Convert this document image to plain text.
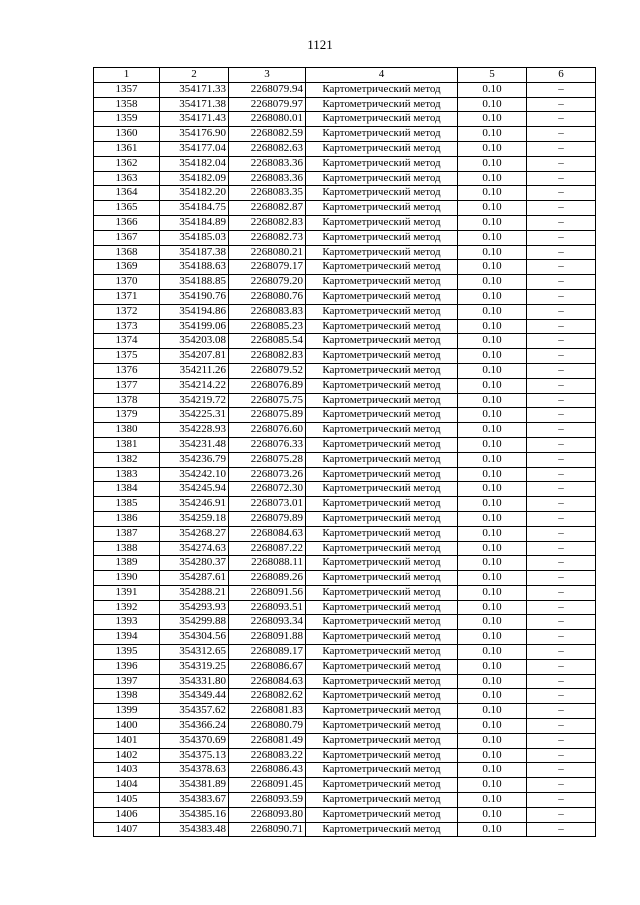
1121
1	2	3	4	5	6
1357	354171.33	2268079.94	Картометрический метод	0.10	–
1358	354171.38	2268079.97	Картометрический метод	0.10	–
1359	354171.43	2268080.01	Картометрический метод	0.10	–
1360	354176.90	2268082.59	Картометрический метод	0.10	–
1361	354177.04	2268082.63	Картометрический метод	0.10	–
1362	354182.04	2268083.36	Картометрический метод	0.10	–
1363	354182.09	2268083.36	Картометрический метод	0.10	–
1364	354182.20	2268083.35	Картометрический метод	0.10	–
1365	354184.75	2268082.87	Картометрический метод	0.10	–
1366	354184.89	2268082.83	Картометрический метод	0.10	–
1367	354185.03	2268082.73	Картометрический метод	0.10	–
1368	354187.38	2268080.21	Картометрический метод	0.10	–
1369	354188.63	2268079.17	Картометрический метод	0.10	–
1370	354188.85	2268079.20	Картометрический метод	0.10	–
1371	354190.76	2268080.76	Картометрический метод	0.10	–
1372	354194.86	2268083.83	Картометрический метод	0.10	–
1373	354199.06	2268085.23	Картометрический метод	0.10	–
1374	354203.08	2268085.54	Картометрический метод	0.10	–
1375	354207.81	2268082.83	Картометрический метод	0.10	–
1376	354211.26	2268079.52	Картометрический метод	0.10	–
1377	354214.22	2268076.89	Картометрический метод	0.10	–
1378	354219.72	2268075.75	Картометрический метод	0.10	–
1379	354225.31	2268075.89	Картометрический метод	0.10	–
1380	354228.93	2268076.60	Картометрический метод	0.10	–
1381	354231.48	2268076.33	Картометрический метод	0.10	–
1382	354236.79	2268075.28	Картометрический метод	0.10	–
1383	354242.10	2268073.26	Картометрический метод	0.10	–
1384	354245.94	2268072.30	Картометрический метод	0.10	–
1385	354246.91	2268073.01	Картометрический метод	0.10	–
1386	354259.18	2268079.89	Картометрический метод	0.10	–
1387	354268.27	2268084.63	Картометрический метод	0.10	–
1388	354274.63	2268087.22	Картометрический метод	0.10	–
1389	354280.37	2268088.11	Картометрический метод	0.10	–
1390	354287.61	2268089.26	Картометрический метод	0.10	–
1391	354288.21	2268091.56	Картометрический метод	0.10	–
1392	354293.93	2268093.51	Картометрический метод	0.10	–
1393	354299.88	2268093.34	Картометрический метод	0.10	–
1394	354304.56	2268091.88	Картометрический метод	0.10	–
1395	354312.65	2268089.17	Картометрический метод	0.10	–
1396	354319.25	2268086.67	Картометрический метод	0.10	–
1397	354331.80	2268084.63	Картометрический метод	0.10	–
1398	354349.44	2268082.62	Картометрический метод	0.10	–
1399	354357.62	2268081.83	Картометрический метод	0.10	–
1400	354366.24	2268080.79	Картометрический метод	0.10	–
1401	354370.69	2268081.49	Картометрический метод	0.10	–
1402	354375.13	2268083.22	Картометрический метод	0.10	–
1403	354378.63	2268086.43	Картометрический метод	0.10	–
1404	354381.89	2268091.45	Картометрический метод	0.10	–
1405	354383.67	2268093.59	Картометрический метод	0.10	–
1406	354385.16	2268093.80	Картометрический метод	0.10	–
1407	354383.48	2268090.71	Картометрический метод	0.10	–
